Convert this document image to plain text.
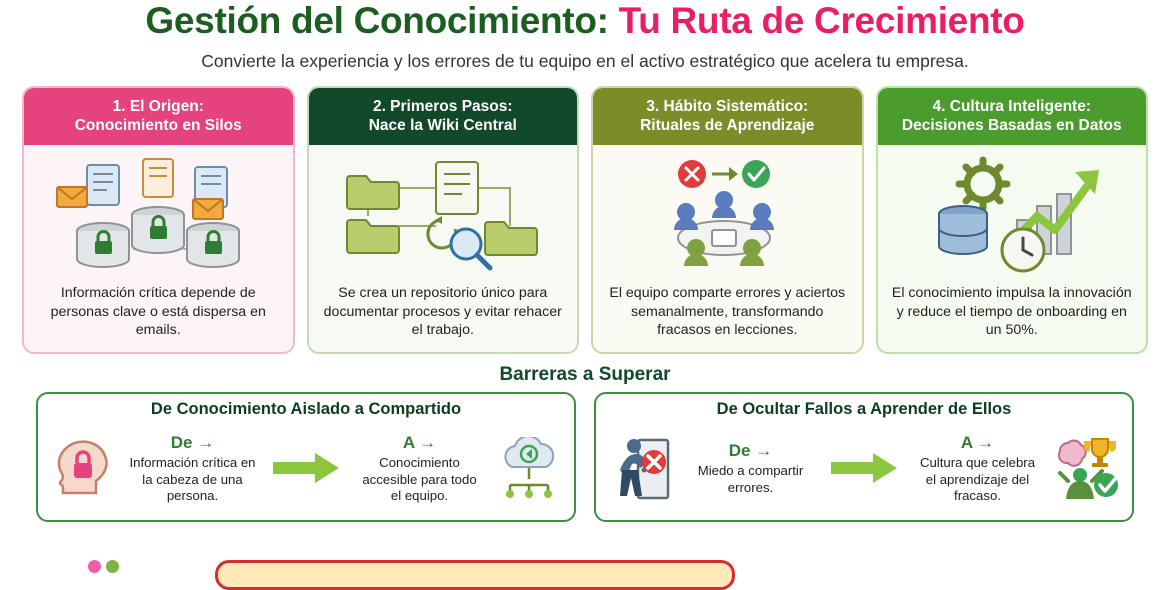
Gestión del Conocimiento: Tu Ruta de Crecimiento

Convierte la experiencia y los errores de tu equipo en el activo estratégico que acelera tu empresa.

1. El Origen:
Conocimiento en Silos
Información crítica depende de personas clave o está dispersa en emails.
2. Primeros Pasos:
Nace la Wiki Central
Se crea un repositorio único para documentar procesos y evitar rehacer el trabajo.
3. Hábito Sistemático:
Rituales de Aprendizaje
El equipo comparte errores y aciertos semanalmente, transformando fracasos en lecciones.
4. Cultura Inteligente:
Decisiones Basadas en Datos
El conocimiento impulsa la innovación y reduce el tiempo de onboarding en un 50%.
Barreras a Superar
De Conocimiento Aislado a Compartido
De →
Información crítica en la cabeza de una persona.
A →
Conocimiento accesible para todo el equipo.
De Ocultar Fallos a Aprender de Ellos
De →
Miedo a compartir errores.
A →
Cultura que celebra el aprendizaje del fracaso.
